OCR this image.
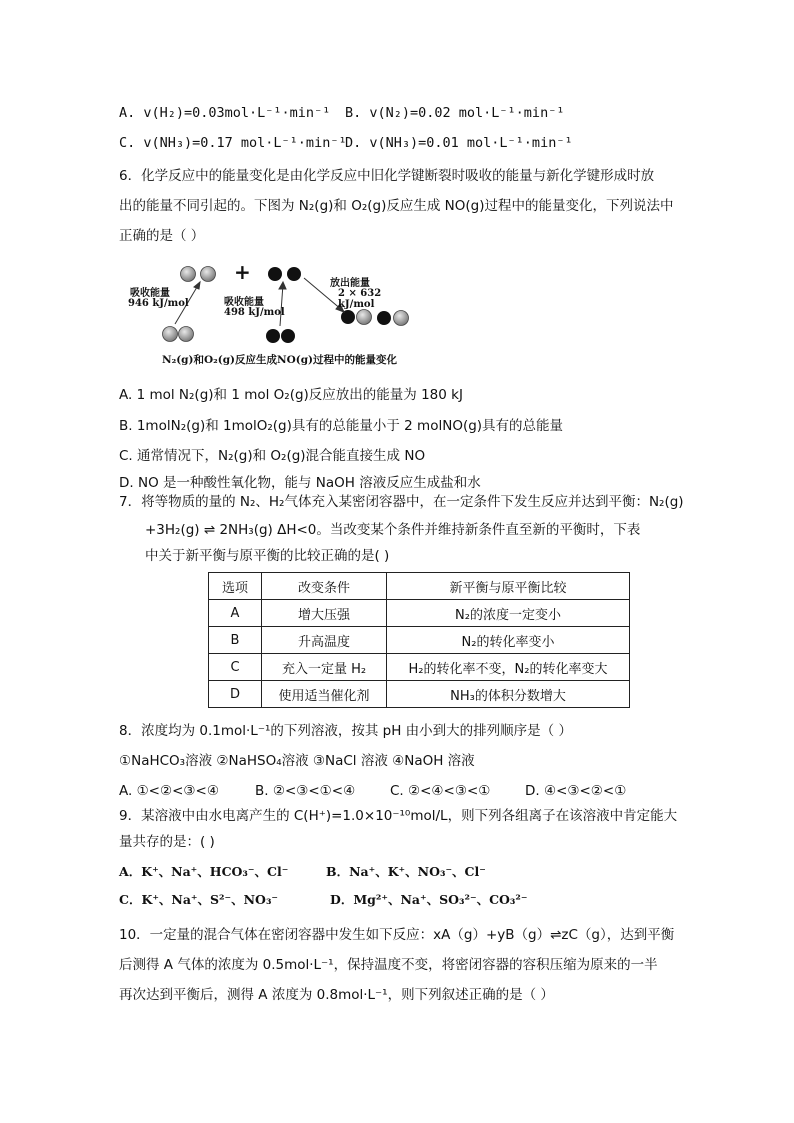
A. v(H₂)=0.03mol·L⁻¹·min⁻¹ B. v(N₂)=0.02 mol·L⁻¹·min⁻¹
C. v(NH₃)=0.17 mol·L⁻¹·min⁻¹
D. v(NH₃)=0.01 mol·L⁻¹·min⁻¹
6．化学反应中的能量变化是由化学反应中旧化学键断裂时吸收的能量与新化学键形成时放
出的能量不同引起的。下图为 N₂(g)和 O₂(g)反应生成 NO(g)过程中的能量变化，下列说法中
正确的是（ ）
+
吸收能量
946 kJ/mol	吸收能量
498 kJ/mol
放出能量
2 × 632 kJ/mol
N₂(g)和O₂(g)反应生成NO(g)过程中的能量变化
A. 1 mol N₂(g)和 1 mol O₂(g)反应放出的能量为 180 kJ
B. 1molN₂(g)和 1molO₂(g)具有的总能量小于 2 molNO(g)具有的总能量
C. 通常情况下，N₂(g)和 O₂(g)混合能直接生成 NO
D. NO 是一种酸性氧化物，能与 NaOH 溶液反应生成盐和水
7．将等物质的量的 N₂、H₂气体充入某密闭容器中，在一定条件下发生反应并达到平衡：N₂(g)
+3H₂(g) ⇌ 2NH₃(g) ΔH<0。当改变某个条件并维持新条件直至新的平衡时，下表
中关于新平衡与原平衡的比较正确的是( )
选项	改变条件	新平衡与原平衡比较
A	增大压强	N₂的浓度一定变小
B	升高温度	N₂的转化率变小
C	充入一定量 H₂	H₂的转化率不变，N₂的转化率变大
D	使用适当催化剂	NH₃的体积分数增大
8．浓度均为 0.1mol·L⁻¹的下列溶液，按其 pH 由小到大的排列顺序是（ ）
①NaHCO₃溶液 ②NaHSO₄溶液 ③NaCl 溶液 ④NaOH 溶液
A. ①<②<③<④	B. ②<③<①<④	C. ②<④<③<①	D. ④<③<②<①
9．某溶液中由水电离产生的 C(H⁺)=1.0×10⁻¹⁰mol/L，则下列各组离子在该溶液中肯定能大
量共存的是：( )
A．K⁺、Na⁺、HCO₃⁻、Cl⁻	B．Na⁺、K⁺、NO₃⁻、Cl⁻
C．K⁺、Na⁺、S²⁻、NO₃⁻	D．Mg²⁺、Na⁺、SO₃²⁻、CO₃²⁻
10．一定量的混合气体在密闭容器中发生如下反应：xA（g）+yB（g）⇌zC（g），达到平衡
后测得 A 气体的浓度为 0.5mol·L⁻¹，保持温度不变，将密闭容器的容积压缩为原来的一半
再次达到平衡后，测得 A 浓度为 0.8mol·L⁻¹，则下列叙述正确的是（ ）
